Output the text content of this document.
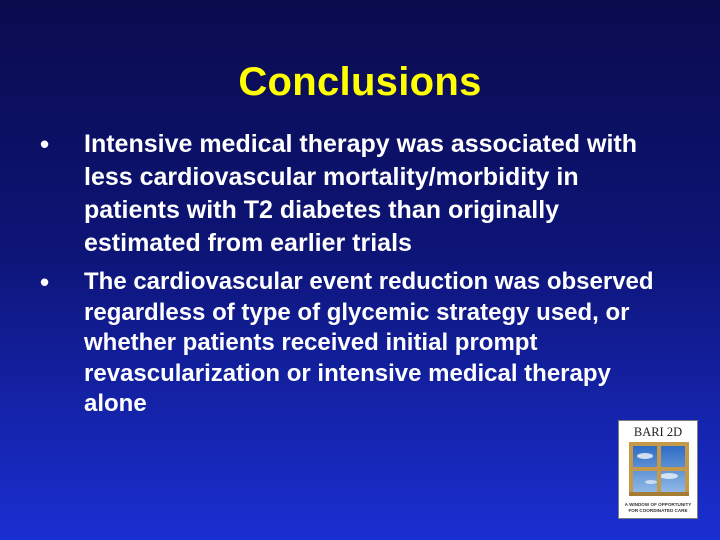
Conclusions
• Intensive medical therapy was associated with less cardiovascular mortality/morbidity in patients with T2 diabetes than originally estimated from earlier trials
• The cardiovascular event reduction was observed regardless of type of glycemic strategy used, or whether patients received initial prompt revascularization or intensive medical therapy alone
BARI 2D
A WINDOW OF OPPORTUNITY
FOR COORDINATED CARE
